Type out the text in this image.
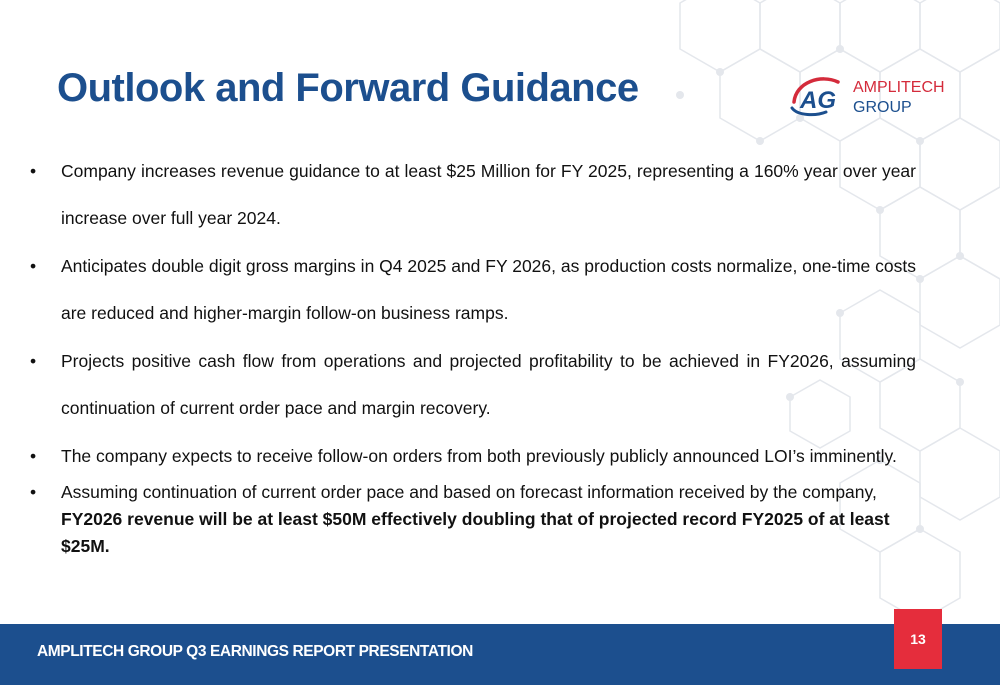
Outlook and Forward Guidance	AG AMPLITECH
GROUP
• Company increases revenue guidance to at least $25 Million for FY 2025, representing a 160% year over year increase over full year 2024.
• Anticipates double digit gross margins in Q4 2025 and FY 2026, as production costs normalize, one-time costs are reduced and higher-margin follow-on business ramps.
• Projects positive cash flow from operations and projected profitability to be achieved in FY2026, assuming continuation of current order pace and margin recovery.
• The company expects to receive follow-on orders from both previously publicly announced LOI’s imminently.
• Assuming continuation of current order pace and based on forecast information received by the company, FY2026 revenue will be at least $50M effectively doubling that of projected record FY2025 of at least $25M.
AMPLITECH GROUP Q3 EARNINGS REPORT PRESENTATION
13
